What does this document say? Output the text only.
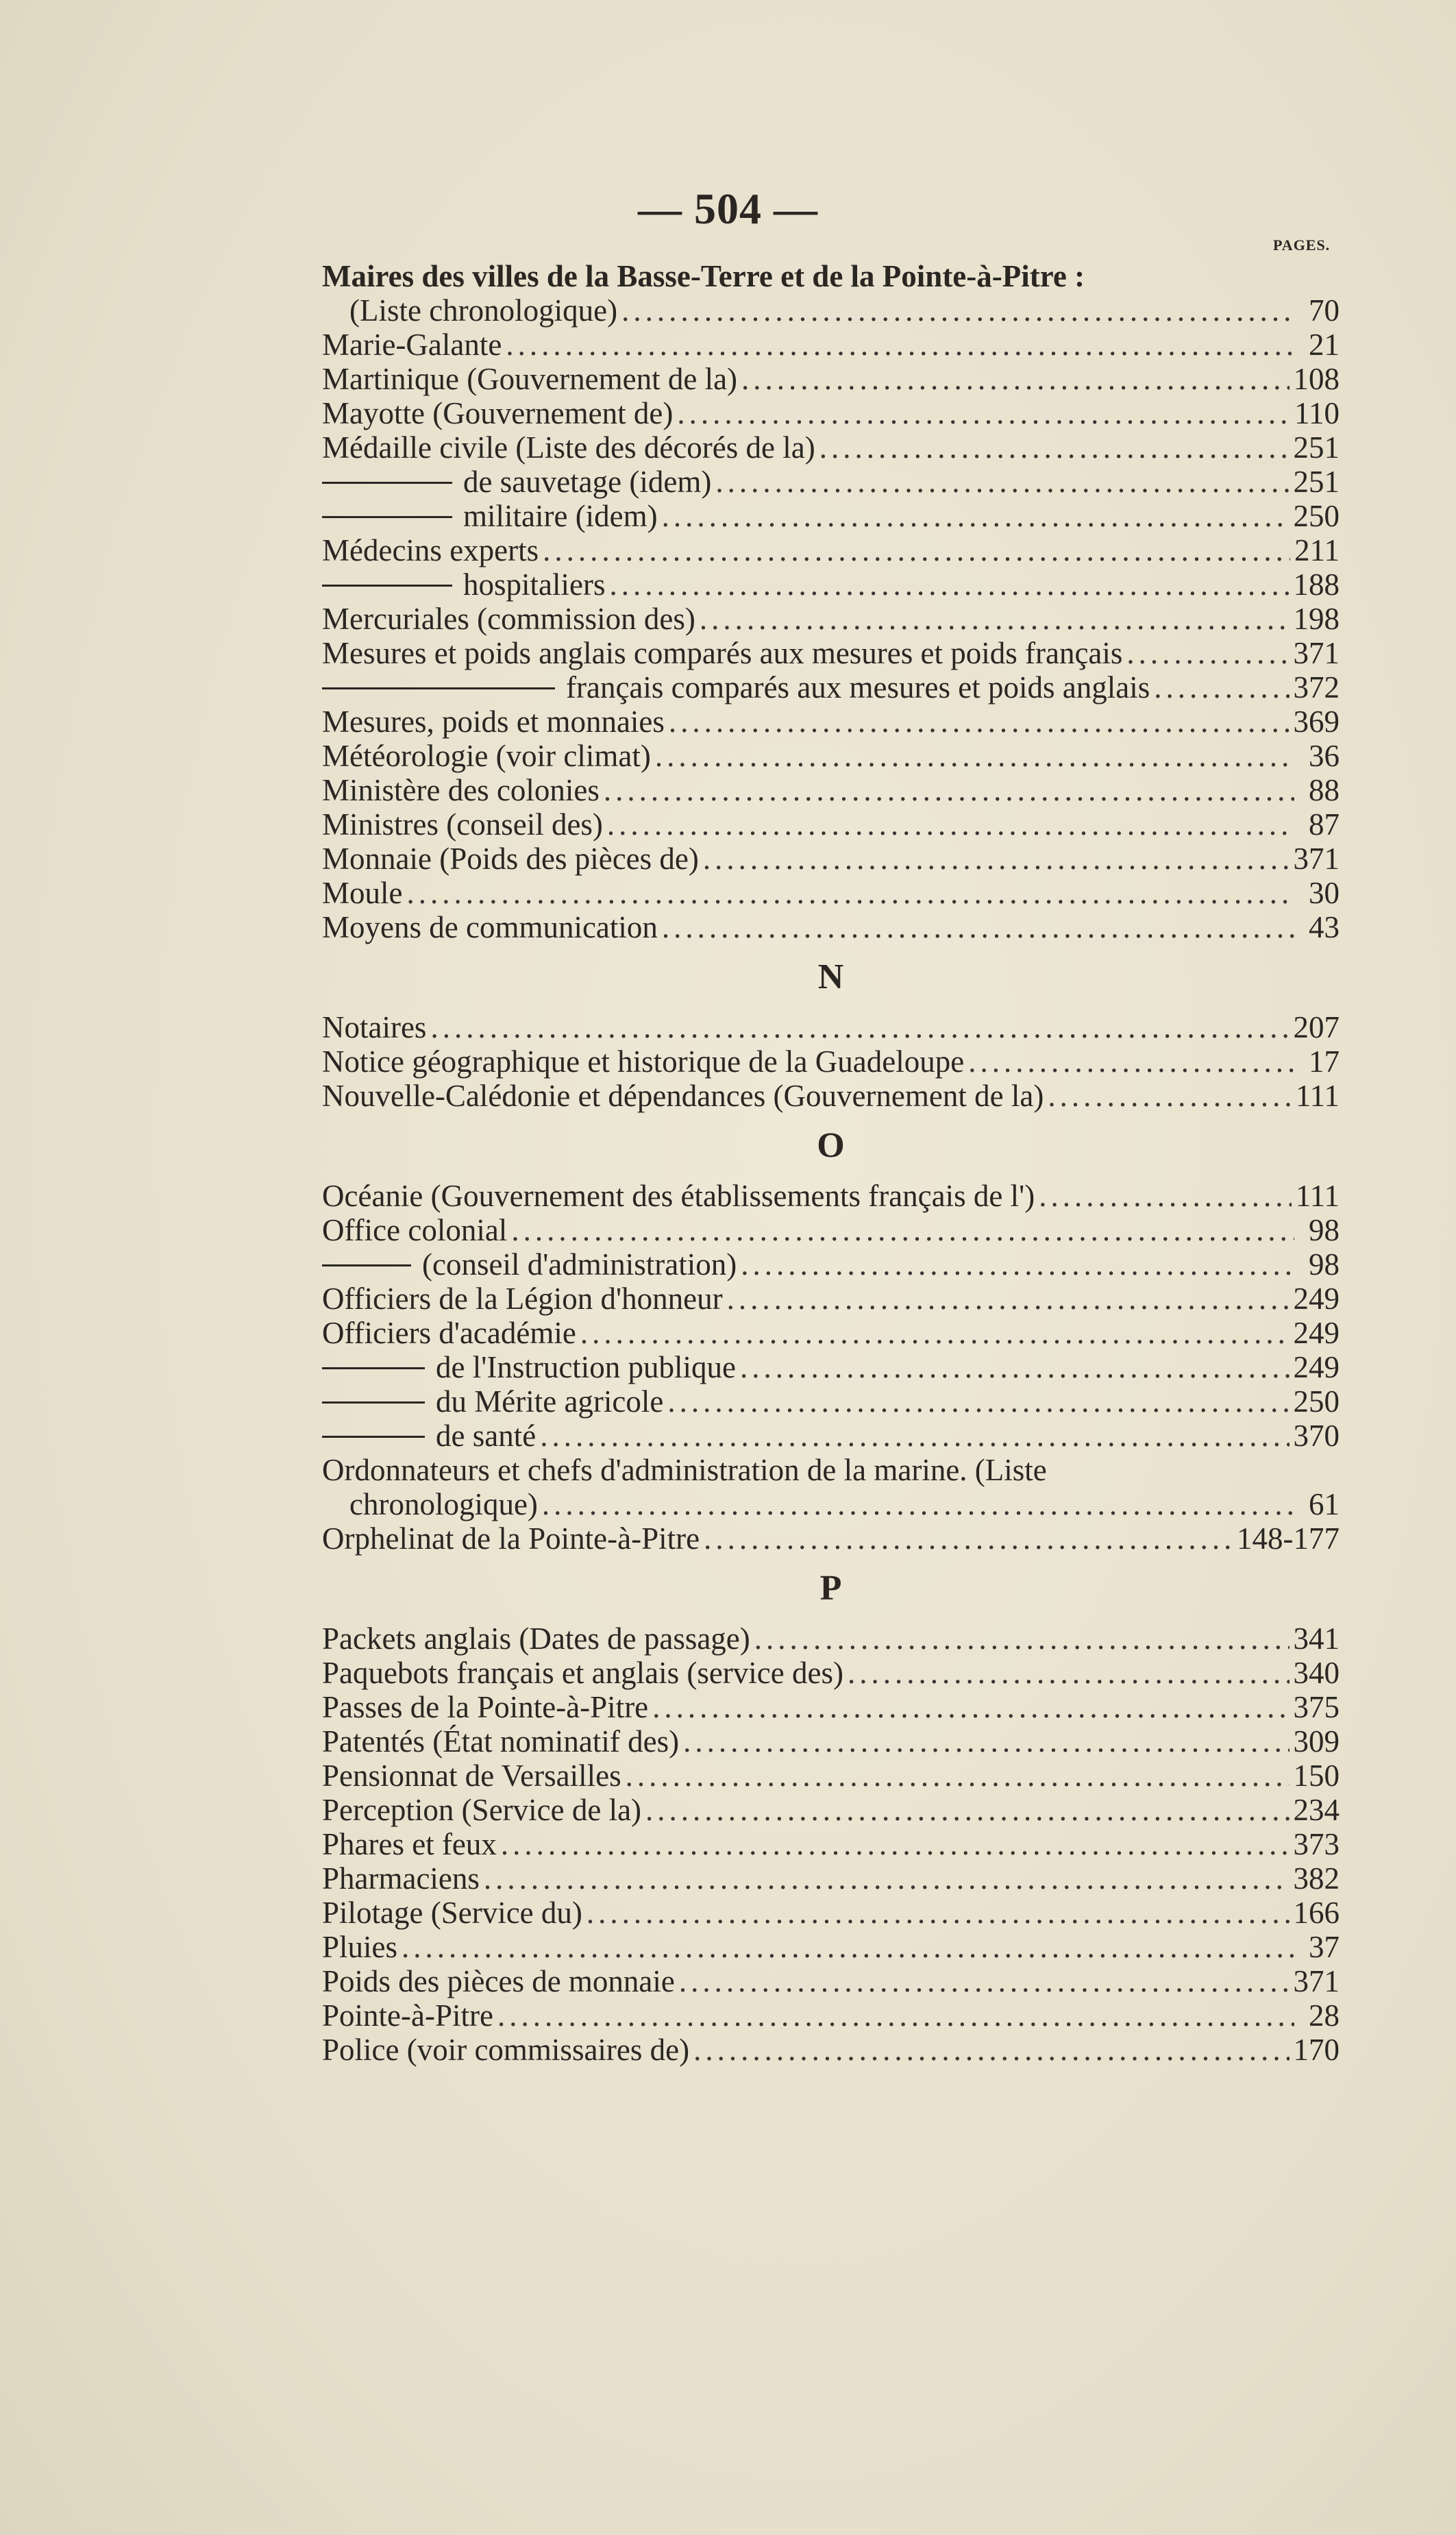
— 504 —
PAGES.
Maires des villes de la Basse-Terre et de la Pointe-à-Pitre :
(Liste chronologique) .....	70
Marie-Galante .....	21
Martinique (Gouvernement de la) .....	108
Mayotte (Gouvernement de) .....	110
Médaille civile (Liste des décorés de la) .....	251
de sauvetage (idem) .....	251
militaire (idem) .....	250
Médecins experts .....	211
hospitaliers .....	188
Mercuriales (commission des) .....	198
Mesures et poids anglais comparés aux mesures et poids français .....	371
français comparés aux mesures et poids anglais .....	372
Mesures, poids et monnaies .....	369
Météorologie (voir climat) .....	36
Ministère des colonies .....	88
Ministres (conseil des) .....	87
Monnaie (Poids des pièces de) .....	371
Moule .....	30
Moyens de communication .....	43
N
Notaires .....	207
Notice géographique et historique de la Guadeloupe .....	17
Nouvelle-Calédonie et dépendances (Gouvernement de la) .....	111
O
Océanie (Gouvernement des établissements français de l') .....	111
Office colonial .....	98
(conseil d'administration) .....	98
Officiers de la Légion d'honneur .....	249
Officiers d'académie .....	249
de l'Instruction publique .....	249
du Mérite agricole .....	250
de santé .....	370
Ordonnateurs et chefs d'administration de la marine. (Liste
chronologique) .....	61
Orphelinat de la Pointe-à-Pitre .....	148-177
P
Packets anglais (Dates de passage) .....	341
Paquebots français et anglais (service des) .....	340
Passes de la Pointe-à-Pitre .....	375
Patentés (État nominatif des) .....	309
Pensionnat de Versailles .....	150
Perception (Service de la) .....	234
Phares et feux .....	373
Pharmaciens .....	382
Pilotage (Service du) .....	166
Pluies .....	37
Poids des pièces de monnaie .....	371
Pointe-à-Pitre .....	28
Police (voir commissaires de) .....	170
